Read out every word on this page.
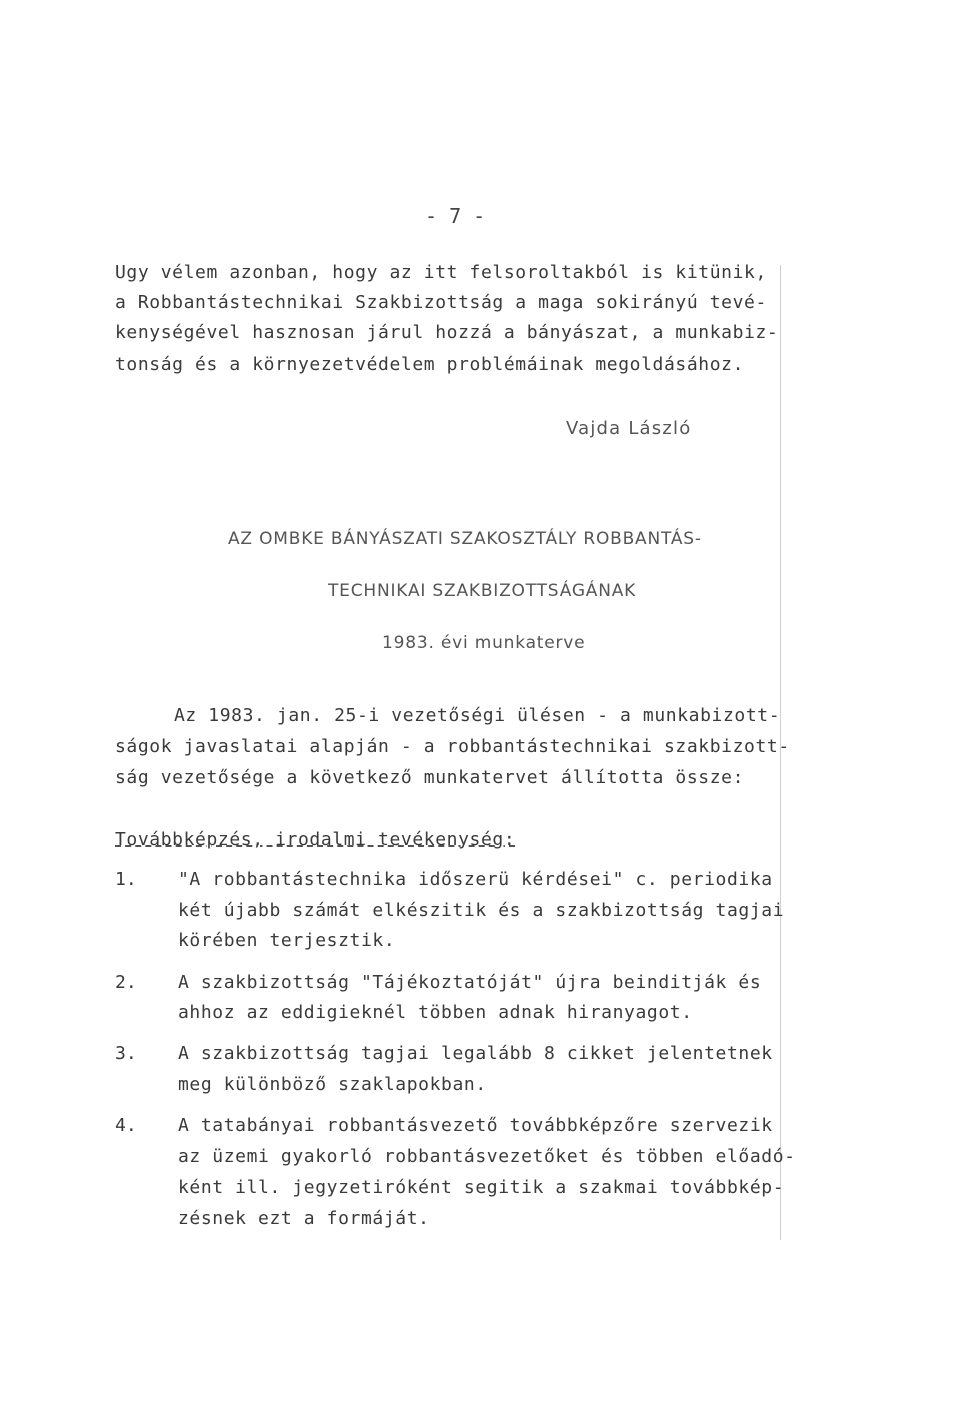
- 7 -
Ugy vélem azonban, hogy az itt felsoroltakból is kitünik,
a Robbantástechnikai Szakbizottság a maga sokirányú tevé-
kenységével hasznosan járul hozzá a bányászat, a munkabiz-
tonság és a környezetvédelem problémáinak megoldásához.
Vajda László
AZ OMBKE BÁNYÁSZATI SZAKOSZTÁLY ROBBANTÁS-
TECHNIKAI SZAKBIZOTTSÁGÁNAK
1983. évi munkaterve
Az 1983. jan. 25-i vezetőségi ülésen - a munkabizott-
ságok javaslatai alapján - a robbantástechnikai szakbizott-
ság vezetősége a következő munkatervet állította össze:
Továbbképzés, irodalmi tevékenység:
1. "A robbantástechnika időszerü kérdései" c. periodika
két újabb számát elkészitik és a szakbizottság tagjai
körében terjesztik.
2. A szakbizottság "Tájékoztatóját" újra beinditják és
ahhoz az eddigieknél többen adnak hiranyagot.
3. A szakbizottság tagjai legalább 8 cikket jelentetnek
meg különböző szaklapokban.
4. A tatabányai robbantásvezető továbbképzőre szervezik
az üzemi gyakorló robbantásvezetőket és többen előadó-
ként ill. jegyzetiróként segitik a szakmai továbbkép-
zésnek ezt a formáját.
